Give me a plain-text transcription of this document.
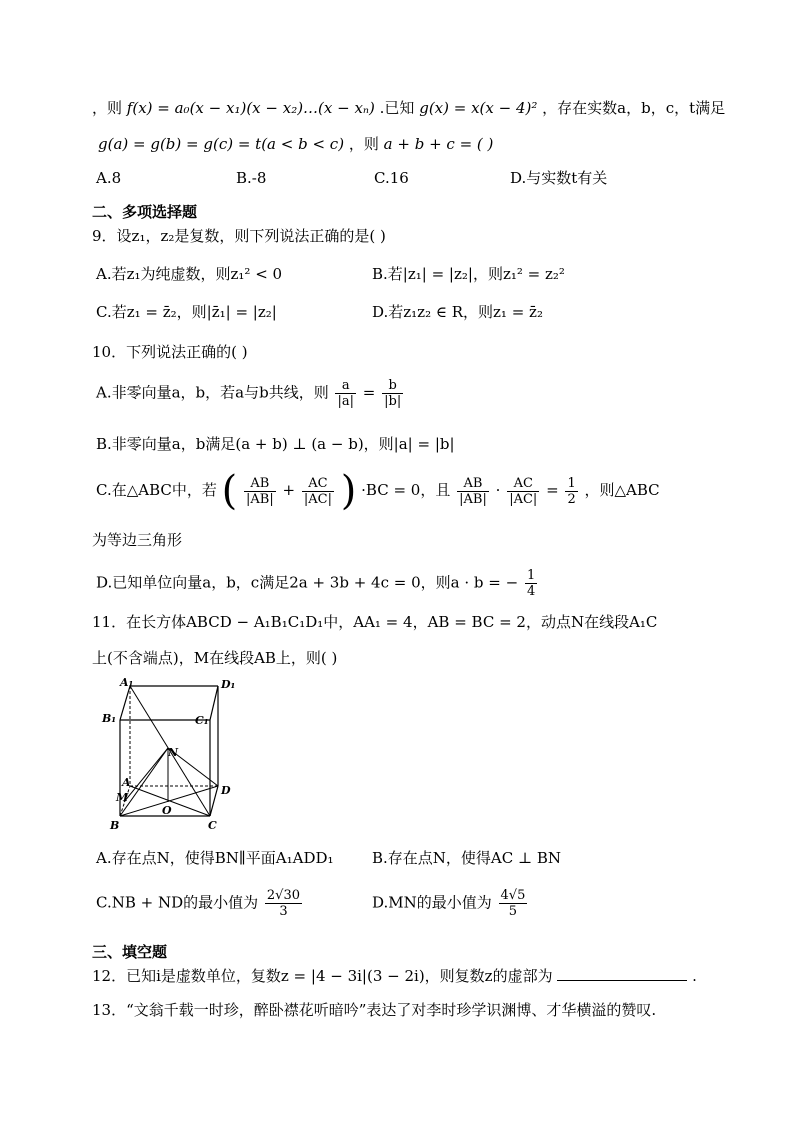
，则 f(x) = a₀(x − x₁)(x − x₂)…(x − xₙ) .已知 g(x) = x(x − 4)² ，存在实数a，b，c，t满足
g(a) = g(b) = g(c) = t(a < b < c) ，则 a + b + c = ( )
A.8	B.-8	C.16	D.与实数t有关
二、多项选择题
9．设z₁，z₂是复数，则下列说法正确的是( )
A.若z₁为纯虚数，则z₁² < 0	B.若|z₁| = |z₂|，则z₁² = z₂²
C.若z₁ = z̄₂，则|z̄₁| = |z₂|	D.若z₁z₂ ∈ R，则z₁ = z̄₂
10．下列说法正确的( )
A.非零向量a，b，若a与b共线，则 $\frac{a}{|a|} = \frac{b}{|b|}$
B.非零向量a，b满足(a + b) ⊥ (a − b)，则|a| = |b|
C.在△ABC中，若 ( $\frac{AB}{|AB|} + \frac{AC}{|AC|}$ ) ·BC = 0，且 $\frac{AB}{|AB|} \cdot \frac{AC}{|AC|} = \frac{1}{2}$ ，则△ABC
为等边三角形
D.已知单位向量a，b，c满足2a + 3b + 4c = 0，则a · b = − $\frac{1}{4}$
11．在长方体ABCD − A₁B₁C₁D₁中，AA₁ = 4，AB = BC = 2，动点N在线段A₁C
上(不含端点)，M在线段AB上，则( )
A₁	D₁
B₁	C₁
N
A
D
M
O
B	C
A.存在点N，使得BN∥平面A₁ADD₁	B.存在点N，使得AC ⊥ BN
C.NB + ND的最小值为 $\frac{2√30}{3}$	D.MN的最小值为 $\frac{4√5}{5}$
三、填空题
12．已知i是虚数单位，复数z = |4 − 3i|(3 − 2i)，则复数z的虚部为	.
13．“文翁千载一时珍，醉卧襟花听暗吟”表达了对李时珍学识渊博、才华横溢的赞叹.
